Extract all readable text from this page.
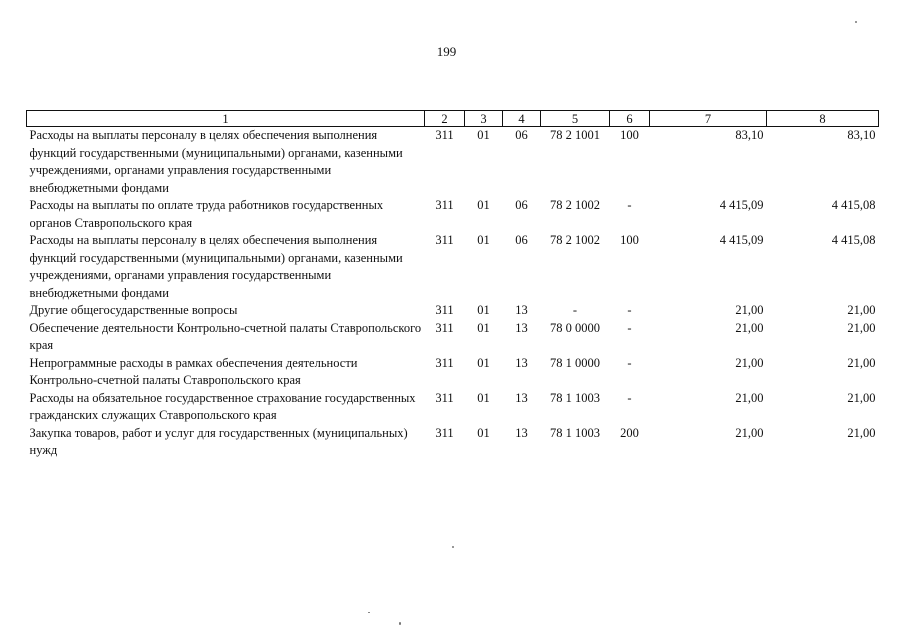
199
1	2	3	4	5	6	7	8
Расходы на выплаты персоналу в целях обеспечения выполнения функций государственными (муниципальными) органами, казенными учреждениями, органами управления государственными внебюджетными фондами	311	01	06	78 2 1001	100	83,10	83,10
Расходы на выплаты по оплате труда работников государственных органов Ставропольского края	311	01	06	78 2 1002	-	4 415,09	4 415,08
Расходы на выплаты персоналу в целях обеспечения выполнения функций государственными (муниципальными) органами, казенными учреждениями, органами управления государственными внебюджетными фондами	311	01	06	78 2 1002	100	4 415,09	4 415,08
Другие общегосударственные вопросы	311	01	13	-	-	21,00	21,00
Обеспечение деятельности Контрольно-счетной палаты Ставропольского края	311	01	13	78 0 0000	-	21,00	21,00
Непрограммные расходы в рамках обеспечения деятельности Контрольно-счетной палаты Ставропольского края	311	01	13	78 1 0000	-	21,00	21,00
Расходы на обязательное государственное страхование государственных гражданских служащих Ставропольского края	311	01	13	78 1 1003	-	21,00	21,00
Закупка товаров, работ и услуг для государственных (муниципальных) нужд	311	01	13	78 1 1003	200	21,00	21,00
